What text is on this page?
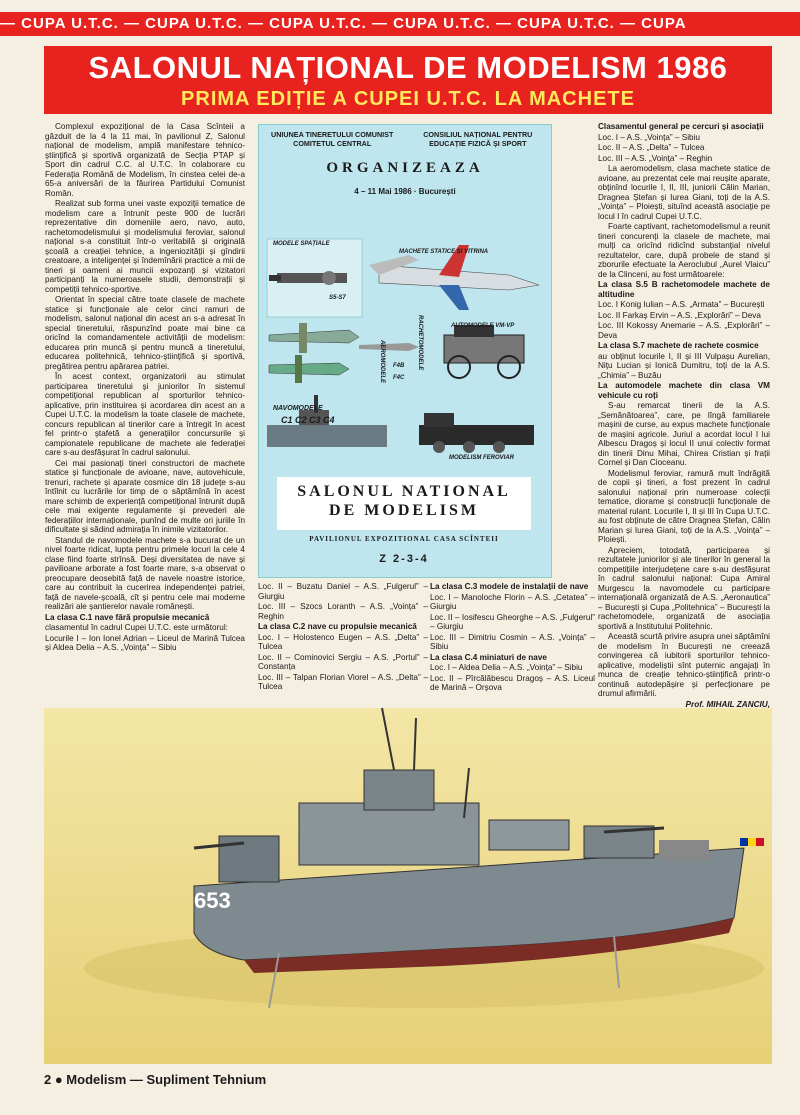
— CUPA U.T.C. — CUPA U.T.C. — CUPA U.T.C. — CUPA U.T.C. — CUPA U.T.C. — CUPA
SALONUL NAȚIONAL DE MODELISM 1986
PRIMA EDIȚIE A CUPEI U.T.C. LA MACHETE

Complexul expozițional de la Casa Scînteii a găzduit de la 4 la 11 mai, în pavilionul Z, Salonul național de modelism, amplă manifestare tehnico-științifică și sportivă organizată de Secția PTAP și Sport din cadrul C.C. al U.T.C. în colaborare cu Federația Română de Modelism, în cinstea celei de-a 65-a aniversări de la făurirea Partidului Comunist Român.

Realizat sub forma unei vaste expoziții tematice de modelism care a întrunit peste 900 de lucrări reprezentative din domeniile aero, navo, auto, rachetomodelismului și modelismului feroviar, salonul național s-a constituit într-o veritabilă și originală școală a creației tehnice, a ingeniozității și gîndirii creatoare, a inteligenței și îndemînării practice a mii de tineri și oameni ai muncii expozanți și vizitatori participanți la numeroasele studii, demonstrații și competiții tehnico-sportive.

Orientat în special către toate clasele de machete statice și funcționale ale celor cinci ramuri de modelism, salonul național din acest an s-a adresat în special tineretului, răspunzînd poate mai bine ca oricînd la comandamentele activității de modelism: educarea prin muncă și pentru muncă a tineretului, educarea politehnică, tehnico-științifică și sportivă, pregătirea pentru apărarea patriei.

În acest context, organizatorii au stimulat participarea tineretului și juniorilor în sistemul competițional republican al sporturilor tehnico-aplicative, prin instituirea și acordarea din acest an a Cupei U.T.C. la modelism la toate clasele de machete, concurs republican al tinerilor care a întregit în acest fel printr-o ștafetă a generațiilor concursurile și campionatele republicane de machete ale federației care s-au desfășurat în cadrul salonului.

Cei mai pasionați tineri constructori de machete statice și funcționale de avioane, nave, autovehicule, trenuri, rachete și aparate cosmice din 18 județe s-au întîlnit cu lucrările lor timp de o săptămînă în acest mare schimb de experiență competițional întrunit după cele mai exigente regulamente și prevederi ale federațiilor internaționale, punînd de multe ori juriile în dificultate și sădind admirația în inimile vizitatorilor.

Standul de navomodele machete s-a bucurat de un nivel foarte ridicat, lupta pentru primele locuri la cele 4 clase fiind foarte strînsă. Deși diversitatea de nave și pavilioane arborate a fost foarte mare, s-a observat o preocupare deosebită față de navele noastre istorice, care au contribuit la cucerirea independenței patriei, față de navele-școală, cît și pentru cele mai moderne realizări ale șantierelor navale românești.

La clasa C.1 nave fără propulsie mecanică

clasamentul în cadrul Cupei U.T.C. este următorul:

Locurile I – Ion Ionel Adrian – Liceul de Marină Tulcea și Aldea Delia – A.S. „Voința” – Sibiu

UNIUNEA TINERETULUI COMUNIST COMITETUL CENTRAL
CONSILIUL NAȚIONAL PENTRU EDUCAȚIE FIZICĂ ȘI SPORT
ORGANIZEAZA
4 – 11 Mai 1986 · București
MODELE SPAȚIALE
MACHETE STATICE ȘI VITRINA
S5-S7
AEROMODELE F4B
F4C
RACHETOMODELE	AUTOMODELE VM-VP
NAVOMODELE
C1 C2 C3 C4
MODELISM FEROVIAR
SALONUL NATIONAL
DE MODELISM
PAVILIONUL EXPOZITIONAL CASA SCÎNTEII
Z 2-3-4

Loc. II – Buzatu Daniel – A.S. „Fulgerul” – Giurgiu

Loc. III – Szocs Loranth – A.S. „Voința” – Reghin

La clasa C.2 nave cu propulsie mecanică

Loc. I – Holostenco Eugen – A.S. „Delta” – Tulcea

Loc. II – Cominovici Sergiu – A.S. „Portul” – Constanța

Loc. III – Talpan Florian Viorel – A.S. „Delta” – Tulcea

La clasa C.3 modele de instalații de nave

Loc. I – Manoloche Florin – A.S. „Cetatea” – Giurgiu

Loc. II – Iosifescu Gheorghe – A.S. „Fulgerul” – Giurgiu

Loc. III – Dimitriu Cosmin – A.S. „Voința” – Sibiu

La clasa C.4 miniaturi de nave

Loc. I – Aldea Delia – A.S. „Voința” – Sibiu

Loc. II – Pîrcălăbescu Dragoș – A.S. Liceul de Marină – Orșova

Clasamentul general pe cercuri și asociații

Loc. I – A.S. „Voința” – Sibiu

Loc. II – A.S. „Delta” – Tulcea

Loc. III – A.S. „Voința” – Reghin

La aeromodelism, clasa machete statice de avioane, au prezentat cele mai reușite aparate, obținînd locurile I, II, III, juniorii Călin Marian, Dragnea Ștefan și Iurea Giani, toți de la A.S. „Voința” – Ploiești, situînd această asociație pe locul I în cadrul Cupei U.T.C.

Foarte captivant, rachetomodelismul a reunit tineri concurenți la clasele de machete, mai mulți ca oricînd ridicînd substanțial nivelul rezultatelor, care, după probele de stand și zborurile efectuate la Aeroclubul „Aurel Vlaicu” de la Clinceni, au fost următoarele:

La clasa S.5 B rachetomodele machete de altitudine

Loc. I Konig Iulian – A.S. „Armata” – București

Loc. II Farkaș Ervin – A.S. „Explorări” – Deva

Loc. III Kokossy Anemarie – A.S. „Explorări” – Deva

La clasa S.7 machete de rachete cosmice

au obținut locurile I, II și III Vulpașu Aurelian, Nițu Lucian și Ionică Dumitru, toți de la A.S. „Chimia” – Buzău

La automodele machete din clasa VM vehicule cu roți

S-au remarcat tinerii de la A.S. „Semănătoarea”, care, pe lîngă familiarele mașini de curse, au expus machete funcționale de mașini agricole. Juriul a acordat locul I lui Albescu Dragoș și locul II unui colectiv format din tinerii Dinu Mihai, Chirea Cristian și frații Cornel și Dan Cioceanu.

Modelismul feroviar, ramură mult îndrăgită de copii și tineri, a fost prezent în cadrul salonului național prin numeroase colecții tematice, diorame și construcții funcționale de material rulant. Locurile I, II și III în Cupa U.T.C. au fost obținute de către Dragnea Ștefan, Călin Marian și Iurea Giani, toți de la A.S. „Voința” – Ploiești.

Apreciem, totodată, participarea și rezultatele juniorilor și ale tinerilor în general la competițiile interjudețene care s-au desfășurat în cadrul salonului național: Cupa Amiral Murgescu la navomodele cu participare internațională organizată de A.S. „Aeronautica” – București și Cupa „Politehnica” – București la rachetomodele, organizată de asociația sportivă a Institutului Politehnic.

Această scurtă privire asupra unei săptămîni de modelism în București ne creează convingerea că iubitorii sporturilor tehnico-aplicative, modeliștii sînt puternic angajați în munca de creație tehnico-științifică printr-o continuă autodepășire și perfecționare pe drumul afirmării.

Prof. MIHAIL ZANCIU,

653
2 ● Modelism — Supliment Tehnium
